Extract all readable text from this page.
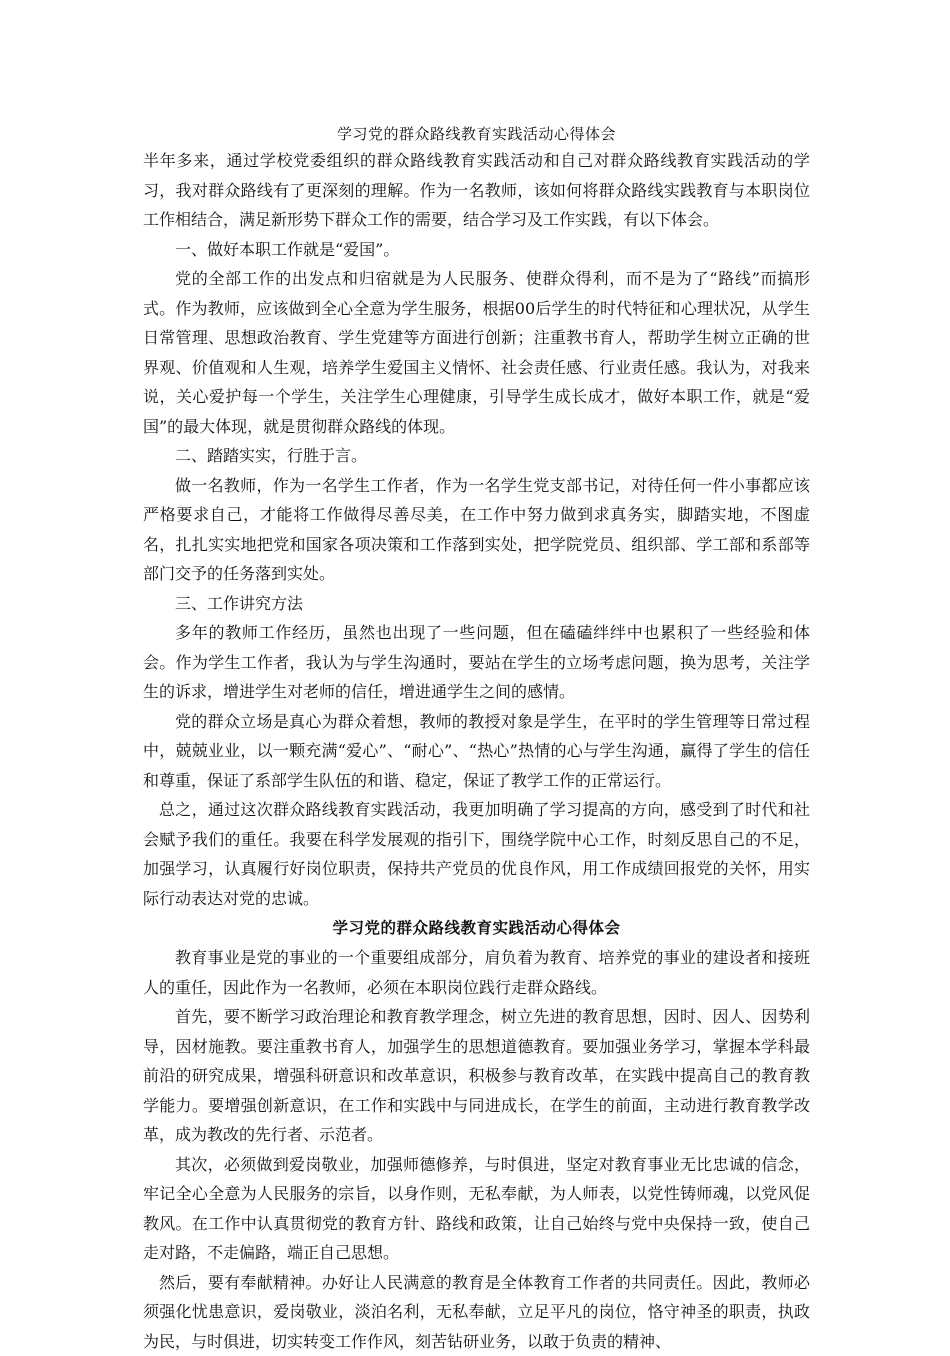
学习党的群众路线教育实践活动心得体会

半年多来，通过学校党委组织的群众路线教育实践活动和自己对群众路线教育实践活动的学习，我对群众路线有了更深刻的理解。作为一名教师，该如何将群众路线实践教育与本职岗位工作相结合，满足新形势下群众工作的需要，结合学习及工作实践，有以下体会。

一、做好本职工作就是“爱国”。

党的全部工作的出发点和归宿就是为人民服务、使群众得利，而不是为了“路线”而搞形式。作为教师，应该做到全心全意为学生服务，根据00后学生的时代特征和心理状况，从学生日常管理、思想政治教育、学生党建等方面进行创新；注重教书育人，帮助学生树立正确的世界观、价值观和人生观，培养学生爱国主义情怀、社会责任感、行业责任感。我认为，对我来说，关心爱护每一个学生，关注学生心理健康，引导学生成长成才，做好本职工作，就是“爱国”的最大体现，就是贯彻群众路线的体现。

二、踏踏实实，行胜于言。

做一名教师，作为一名学生工作者，作为一名学生党支部书记，对待任何一件小事都应该严格要求自己，才能将工作做得尽善尽美，在工作中努力做到求真务实，脚踏实地，不图虚名，扎扎实实地把党和国家各项决策和工作落到实处，把学院党员、组织部、学工部和系部等部门交予的任务落到实处。

三、工作讲究方法

多年的教师工作经历，虽然也出现了一些问题，但在磕磕绊绊中也累积了一些经验和体会。作为学生工作者，我认为与学生沟通时，要站在学生的立场考虑问题，换为思考，关注学生的诉求，增进学生对老师的信任，增进通学生之间的感情。

党的群众立场是真心为群众着想，教师的教授对象是学生，在平时的学生管理等日常过程中，兢兢业业，以一颗充满“爱心”、“耐心”、“热心”热情的心与学生沟通，赢得了学生的信任和尊重，保证了系部学生队伍的和谐、稳定，保证了教学工作的正常运行。

总之，通过这次群众路线教育实践活动，我更加明确了学习提高的方向，感受到了时代和社会赋予我们的重任。我要在科学发展观的指引下，围绕学院中心工作，时刻反思自己的不足，加强学习，认真履行好岗位职责，保持共产党员的优良作风，用工作成绩回报党的关怀，用实际行动表达对党的忠诚。

学习党的群众路线教育实践活动心得体会

教育事业是党的事业的一个重要组成部分，肩负着为教育、培养党的事业的建设者和接班人的重任，因此作为一名教师，必须在本职岗位践行走群众路线。

首先，要不断学习政治理论和教育教学理念，树立先进的教育思想，因时、因人、因势利导，因材施教。要注重教书育人，加强学生的思想道德教育。要加强业务学习，掌握本学科最前沿的研究成果，增强科研意识和改革意识，积极参与教育改革，在实践中提高自己的教育教学能力。要增强创新意识，在工作和实践中与同进成长，在学生的前面，主动进行教育教学改革，成为教改的先行者、示范者。

其次，必须做到爱岗敬业，加强师德修养，与时俱进，坚定对教育事业无比忠诚的信念，牢记全心全意为人民服务的宗旨，以身作则，无私奉献，为人师表，以党性铸师魂，以党风促教风。在工作中认真贯彻党的教育方针、路线和政策，让自己始终与党中央保持一致，使自己走对路，不走偏路，端正自己思想。

然后，要有奉献精神。办好让人民满意的教育是全体教育工作者的共同责任。因此，教师必须强化忧患意识，爱岗敬业，淡泊名利，无私奉献，立足平凡的岗位，恪守神圣的职责，执政为民，与时俱进，切实转变工作作风，刻苦钻研业务，以敢于负责的精神、
